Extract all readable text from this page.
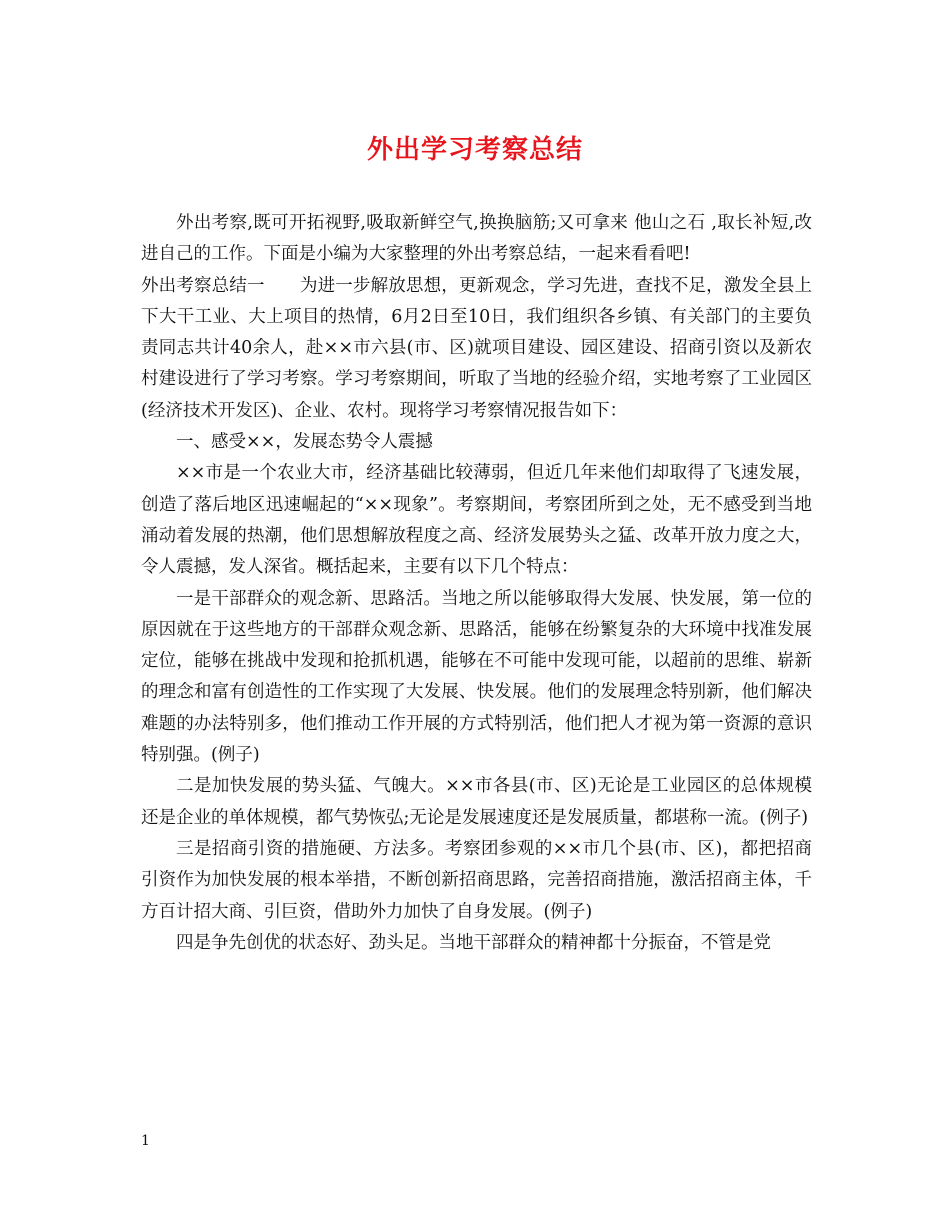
外出学习考察总结

外出考察,既可开拓视野,吸取新鲜空气,换换脑筋;又可拿来 他山之石 ,取长补短,改进自己的工作。下面是小编为大家整理的外出考察总结，一起来看看吧!

外出考察总结一　　为进一步解放思想，更新观念，学习先进，查找不足，激发全县上下大干工业、大上项目的热情，6月2日至10日，我们组织各乡镇、有关部门的主要负责同志共计40余人，赴××市六县(市、区)就项目建设、园区建设、招商引资以及新农村建设进行了学习考察。学习考察期间，听取了当地的经验介绍，实地考察了工业园区(经济技术开发区)、企业、农村。现将学习考察情况报告如下：

一、感受××，发展态势令人震撼

××市是一个农业大市，经济基础比较薄弱，但近几年来他们却取得了飞速发展，创造了落后地区迅速崛起的“××现象”。考察期间，考察团所到之处，无不感受到当地涌动着发展的热潮，他们思想解放程度之高、经济发展势头之猛、改革开放力度之大，令人震撼，发人深省。概括起来，主要有以下几个特点：

一是干部群众的观念新、思路活。当地之所以能够取得大发展、快发展，第一位的原因就在于这些地方的干部群众观念新、思路活，能够在纷繁复杂的大环境中找准发展定位，能够在挑战中发现和抢抓机遇，能够在不可能中发现可能，以超前的思维、崭新的理念和富有创造性的工作实现了大发展、快发展。他们的发展理念特别新，他们解决难题的办法特别多，他们推动工作开展的方式特别活，他们把人才视为第一资源的意识特别强。(例子)

二是加快发展的势头猛、气魄大。××市各县(市、区)无论是工业园区的总体规模还是企业的单体规模，都气势恢弘;无论是发展速度还是发展质量，都堪称一流。(例子)

三是招商引资的措施硬、方法多。考察团参观的××市几个县(市、区)，都把招商引资作为加快发展的根本举措，不断创新招商思路，完善招商措施，激活招商主体，千方百计招大商、引巨资，借助外力加快了自身发展。(例子)

四是争先创优的状态好、劲头足。当地干部群众的精神都十分振奋，不管是党

1
